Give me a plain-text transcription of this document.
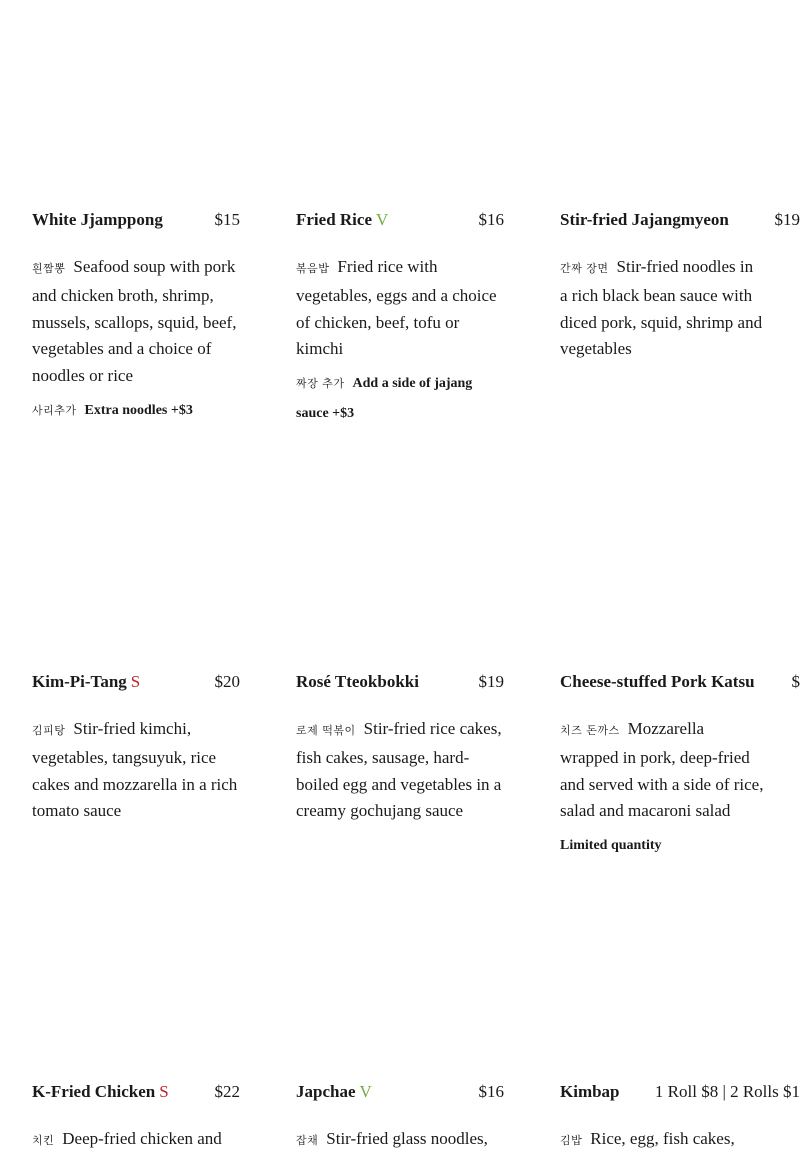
White Jjamppong	$15
흰짬뽕 Seafood soup with pork and chicken broth, shrimp, mussels, scallops, squid, beef, vegetables and a choice of noodles or rice
사리추가 Extra noodles +$3
Fried Rice V	$16
볶음밥 Fried rice with vegetables, eggs and a choice of chicken, beef, tofu or kimchi
짜장 추가 Add a side of jajang sauce +$3
Stir-fried Jajangmyeon	$19
간짜 장면 Stir-fried noodles in a rich black bean sauce with diced pork, squid, shrimp and vegetables
Kim-Pi-Tang S	$20
김피탕 Stir-fried kimchi, vegetables, tangsuyuk, rice cakes and mozzarella in a rich tomato sauce
Rosé Tteokbokki	$19
로제 떡볶이 Stir-fried rice cakes, fish cakes, sausage, hard-boiled egg and vegetables in a creamy gochujang sauce
Cheese-stuffed Pork Katsu $
치즈 돈까스 Mozzarella wrapped in pork, deep-fried and served with a side of rice, salad and macaroni salad
Limited quantity
K-Fried Chicken S	$22
치킨 Deep-fried chicken and
Japchae V	$16
잡채 Stir-fried glass noodles,
Kimbap 1 Roll $8 | 2 Rolls $1
김밥 Rice, egg, fish cakes,
